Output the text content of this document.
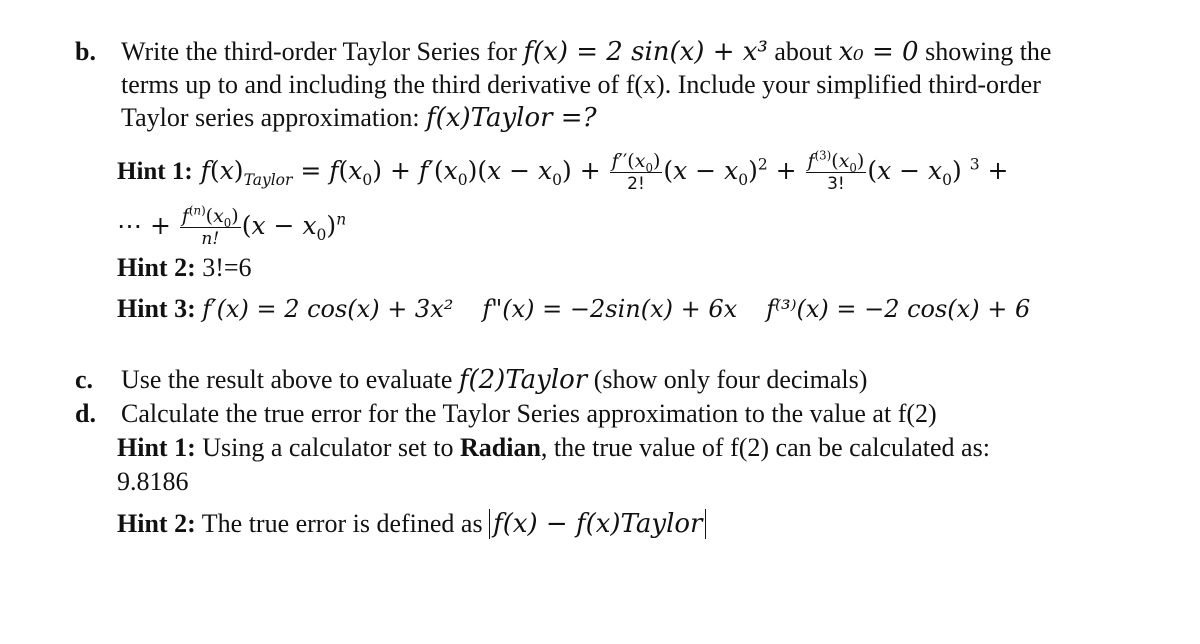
b. Write the third-order Taylor Series for f(x) = 2 sin(x) + x³ about x₀ = 0 showing the
terms up to and including the third derivative of f(x). Include your simplified third-order
Taylor series approximation: f(x)Taylor =?
Hint 1: $f(x)_{Taylor} = f(x_0) + f'(x_0)(x - x_0) + \frac{f''(x_0)}{2!} (x - x_0)^2 + \frac{f^{(3)}(x_0)}{3!} (x - x_0) ^3$ +
⋯ + $\frac{f^{(n)}(x_0)}{n!} (x - x_0)^n$
Hint 2: 3!=6
Hint 3: f′(x) = 2 cos(x) + 3x² f"(x) = −2sin(x) + 6x f⁽³⁾(x) = −2 cos(x) + 6
c. Use the result above to evaluate f(2)Taylor (show only four decimals)
d. Calculate the true error for the Taylor Series approximation to the value at f(2)
Hint 1: Using a calculator set to Radian, the true value of f(2) can be calculated as:
9.8186
Hint 2: The true error is defined as f(x) − f(x)Taylor
